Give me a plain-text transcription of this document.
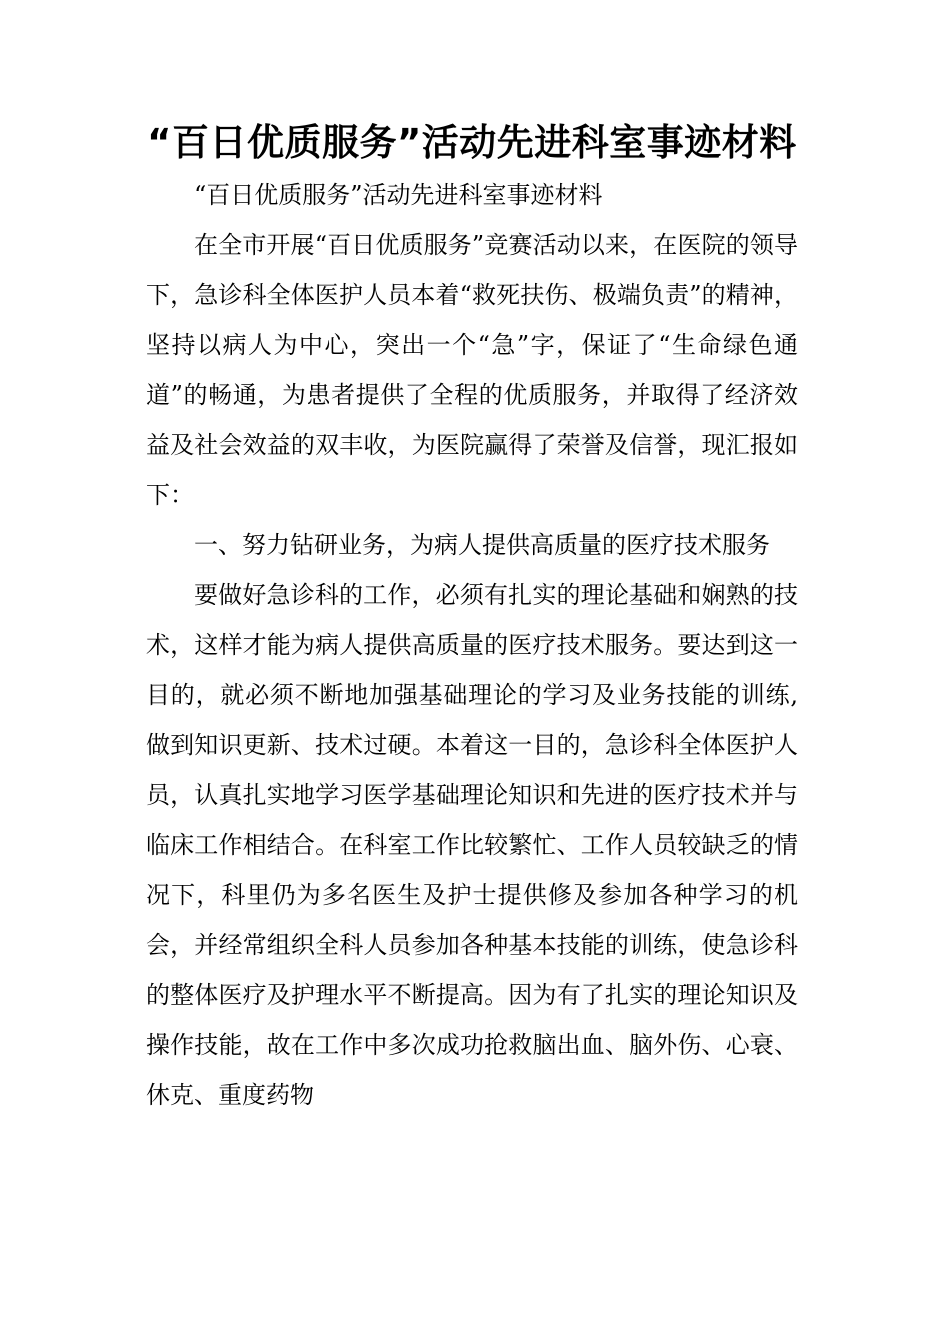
“百日优质服务”活动先进科室事迹材料

“百日优质服务”活动先进科室事迹材料

在全市开展“百日优质服务”竞赛活动以来，在医院的领导下，急诊科全体医护人员本着“救死扶伤、极端负责”的精神，坚持以病人为中心，突出一个“急”字，保证了“生命绿色通道”的畅通，为患者提供了全程的优质服务，并取得了经济效益及社会效益的双丰收，为医院赢得了荣誉及信誉，现汇报如下：

一、努力钻研业务，为病人提供高质量的医疗技术服务

要做好急诊科的工作，必须有扎实的理论基础和娴熟的技术，这样才能为病人提供高质量的医疗技术服务。要达到这一目的，就必须不断地加强基础理论的学习及业务技能的训练,做到知识更新、技术过硬。本着这一目的，急诊科全体医护人员，认真扎实地学习医学基础理论知识和先进的医疗技术并与临床工作相结合。在科室工作比较繁忙、工作人员较缺乏的情况下，科里仍为多名医生及护士提供修及参加各种学习的机会，并经常组织全科人员参加各种基本技能的训练，使急诊科的整体医疗及护理水平不断提高。因为有了扎实的理论知识及操作技能，故在工作中多次成功抢救脑出血、脑外伤、心衰、休克、重度药物
